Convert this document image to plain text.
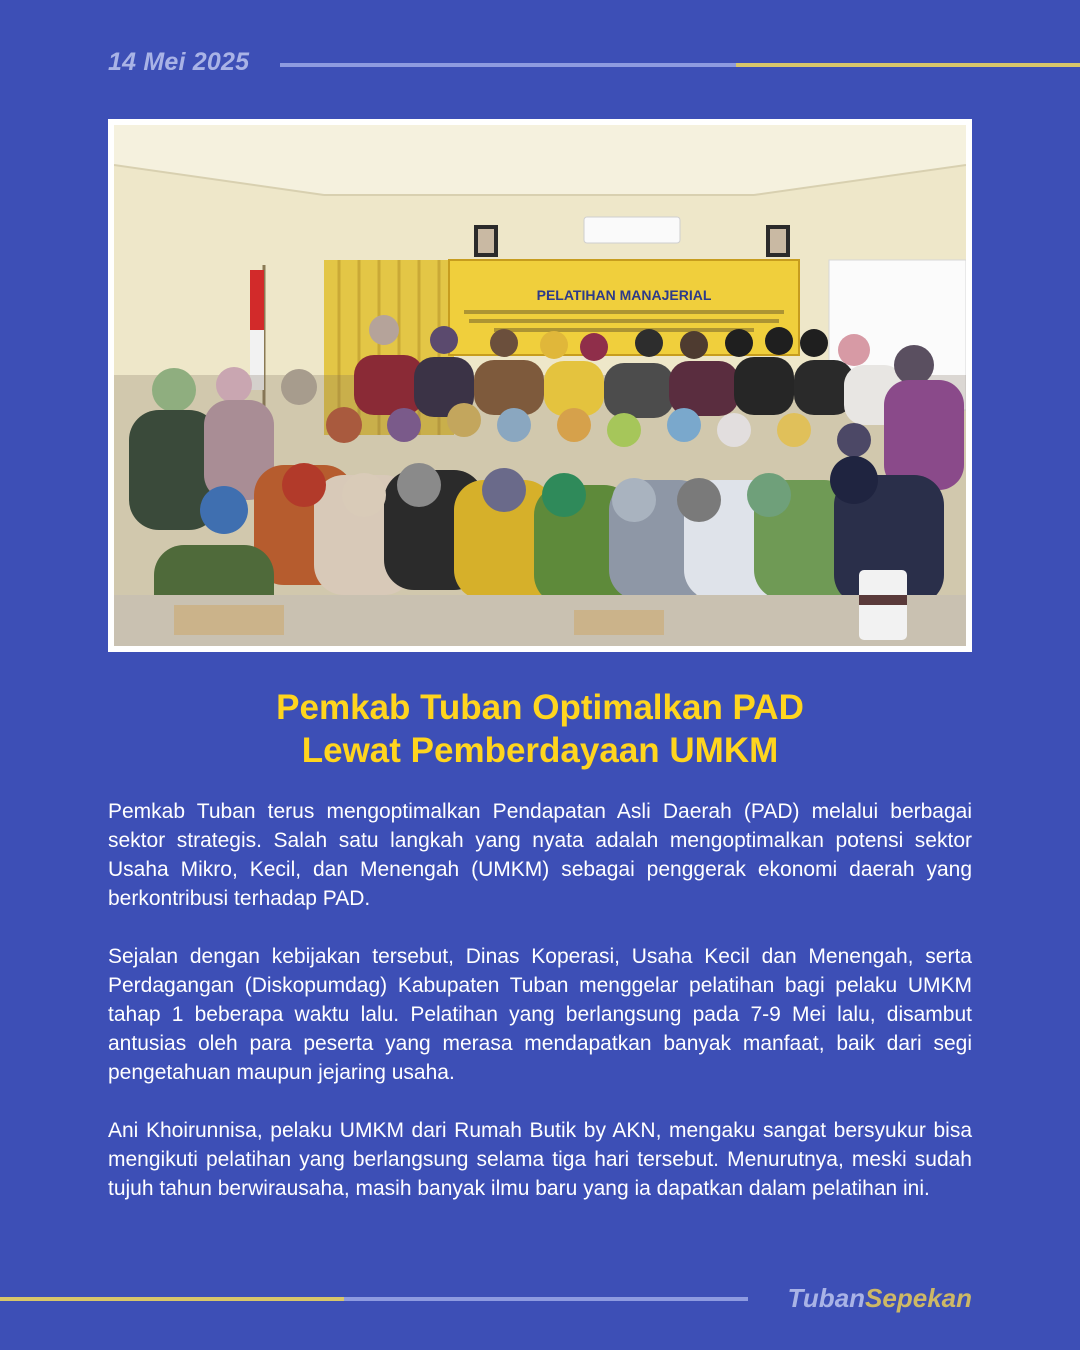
14 Mei 2025
PELATIHAN MANAJERIAL
Pemkab Tuban Optimalkan PAD
Lewat Pemberdayaan UMKM

Pemkab Tuban terus mengoptimalkan Pendapatan Asli Daerah (PAD) melalui berbagai sektor strategis. Salah satu langkah yang nyata adalah mengoptimalkan potensi sektor Usaha Mikro, Kecil, dan Menengah (UMKM) sebagai penggerak ekonomi daerah yang berkontribusi terhadap PAD.

Sejalan dengan kebijakan tersebut, Dinas Koperasi, Usaha Kecil dan Menengah, serta Perdagangan (Diskopumdag) Kabupaten Tuban menggelar pelatihan bagi pelaku UMKM tahap 1 beberapa waktu lalu. Pelatihan yang berlangsung pada 7-9 Mei lalu, disambut antusias oleh para peserta yang merasa mendapatkan banyak manfaat, baik dari segi pengetahuan maupun jejaring usaha.

Ani Khoirunnisa, pelaku UMKM dari Rumah Butik by AKN, mengaku sangat bersyukur bisa mengikuti pelatihan yang berlangsung selama tiga hari tersebut. Menurutnya, meski sudah tujuh tahun berwirausaha, masih banyak ilmu baru yang ia dapatkan dalam pelatihan ini.

TubanSepekan
